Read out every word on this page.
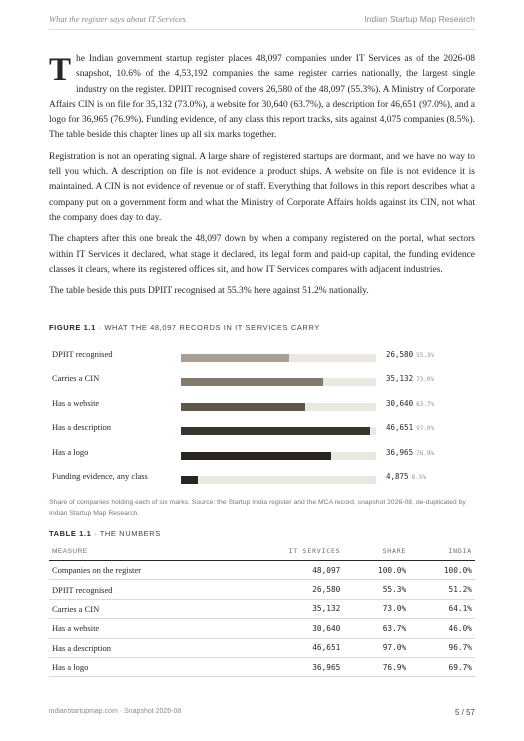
What the register says about IT Services	Indian Startup Map Research

The Indian government startup register places 48,097 companies under IT Services as of the 2026-08 snapshot, 10.6% of the 4,53,192 companies the same register carries nationally, the largest single industry on the register. DPIIT recognised covers 26,580 of the 48,097 (55.3%). A Ministry of Corporate Affairs CIN is on file for 35,132 (73.0%), a website for 30,640 (63.7%), a description for 46,651 (97.0%), and a logo for 36,965 (76.9%). Funding evidence, of any class this report tracks, sits against 4,075 companies (8.5%). The table beside this chapter lines up all six marks together.

Registration is not an operating signal. A large share of registered startups are dormant, and we have no way to tell you which. A description on file is not evidence a product ships. A website on file is not evidence it is maintained. A CIN is not evidence of revenue or of staff. Everything that follows in this report describes what a company put on a government form and what the Ministry of Corporate Affairs holds against its CIN, not what the company does day to day.

The chapters after this one break the 48,097 down by when a company registered on the portal, what sectors within IT Services it declared, what stage it declared, its legal form and paid-up capital, the funding evidence classes it clears, where its registered offices sit, and how IT Services compares with adjacent industries.

The table beside this puts DPIIT recognised at 55.3% here against 51.2% nationally.

FIGURE 1.1 · WHAT THE 48,097 RECORDS IN IT SERVICES CARRY
DPIIT recognised	26,580 55.3%
Carries a CIN	35,132 73.0%
Has a website	30,640 63.7%
Has a description	46,651 97.0%
Has a logo	36,965 76.9%
Funding evidence, any class	4,875 8.5%
Share of companies holding each of six marks. Source: the Startup India register and the MCA record, snapshot 2026-08, de-duplicated by Indian Startup Map Research.
TABLE 1.1 · THE NUMBERS
MEASURE	IT SERVICES	SHARE	INDIA
Companies on the register	48,097	100.0%	100.0%
DPIIT recognised	26,580	55.3%	51.2%
Carries a CIN	35,132	73.0%	64.1%
Has a website	30,640	63.7%	46.0%
Has a description	46,651	97.0%	96.7%
Has a logo	36,965	76.9%	69.7%
indianstartupmap.com · Snapshot 2026-08	5 / 57
